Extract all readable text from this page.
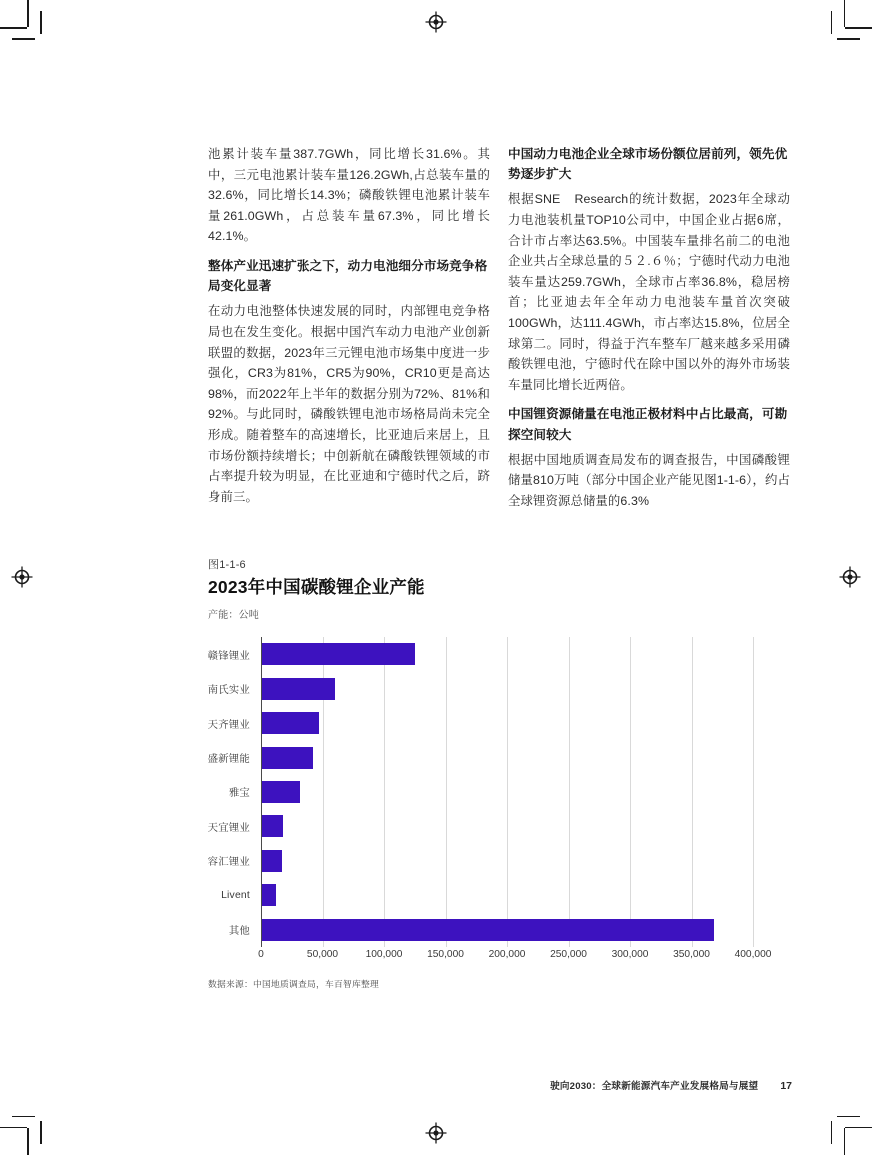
池累计装车量387.7GWh，同比增长31.6%。其中，三元电池累计装车量126.2GWh,占总装车量的32.6%，同比增长14.3%；磷酸铁锂电池累计装车量261.0GWh，占总装车量67.3%，同比增长42.1%。

整体产业迅速扩张之下，动力电池细分市场竞争格局变化显著

在动力电池整体快速发展的同时，内部锂电竞争格局也在发生变化。根据中国汽车动力电池产业创新联盟的数据，2023年三元锂电池市场集中度进一步强化，CR3为81%，CR5为90%，CR10更是高达98%，而2022年上半年的数据分别为72%、81%和92%。与此同时，磷酸铁锂电池市场格局尚未完全形成。随着整车的高速增长，比亚迪后来居上，且市场份额持续增长；中创新航在磷酸铁锂领域的市占率提升较为明显，在比亚迪和宁德时代之后，跻身前三。

中国动力电池企业全球市场份额位居前列，领先优势逐步扩大

根据SNE　Research的统计数据，2023年全球动力电池装机量TOP10公司中，中国企业占据6席，合计市占率达63.5%。中国装车量排名前二的电池企业共占全球总量的５２.６％；宁德时代动力电池装车量达259.7GWh，全球市占率36.8%，稳居榜首；比亚迪去年全年动力电池装车量首次突破100GWh，达111.4GWh，市占率达15.8%，位居全球第二。同时，得益于汽车整车厂越来越多采用磷酸铁锂电池，宁德时代在除中国以外的海外市场装车量同比增长近两倍。

中国锂资源储量在电池正极材料中占比最高，可勘探空间较大

根据中国地质调查局发布的调查报告，中国磷酸锂储量810万吨（部分中国企业产能见图1-1-6），约占全球锂资源总储量的6.3%

图1-1-6
2023年中国碳酸锂企业产能
产能：公吨
赣锋锂业
南氏实业
天齐锂业
盛新锂能
雅宝
天宜锂业
容汇锂业
Livent
其他
0	50,000	100,000 150,000 200,000 250,000 300,000 350,000 400,000
数据来源：中国地质调查局，车百智库整理
驶向2030：全球新能源汽车产业发展格局与展望 17
